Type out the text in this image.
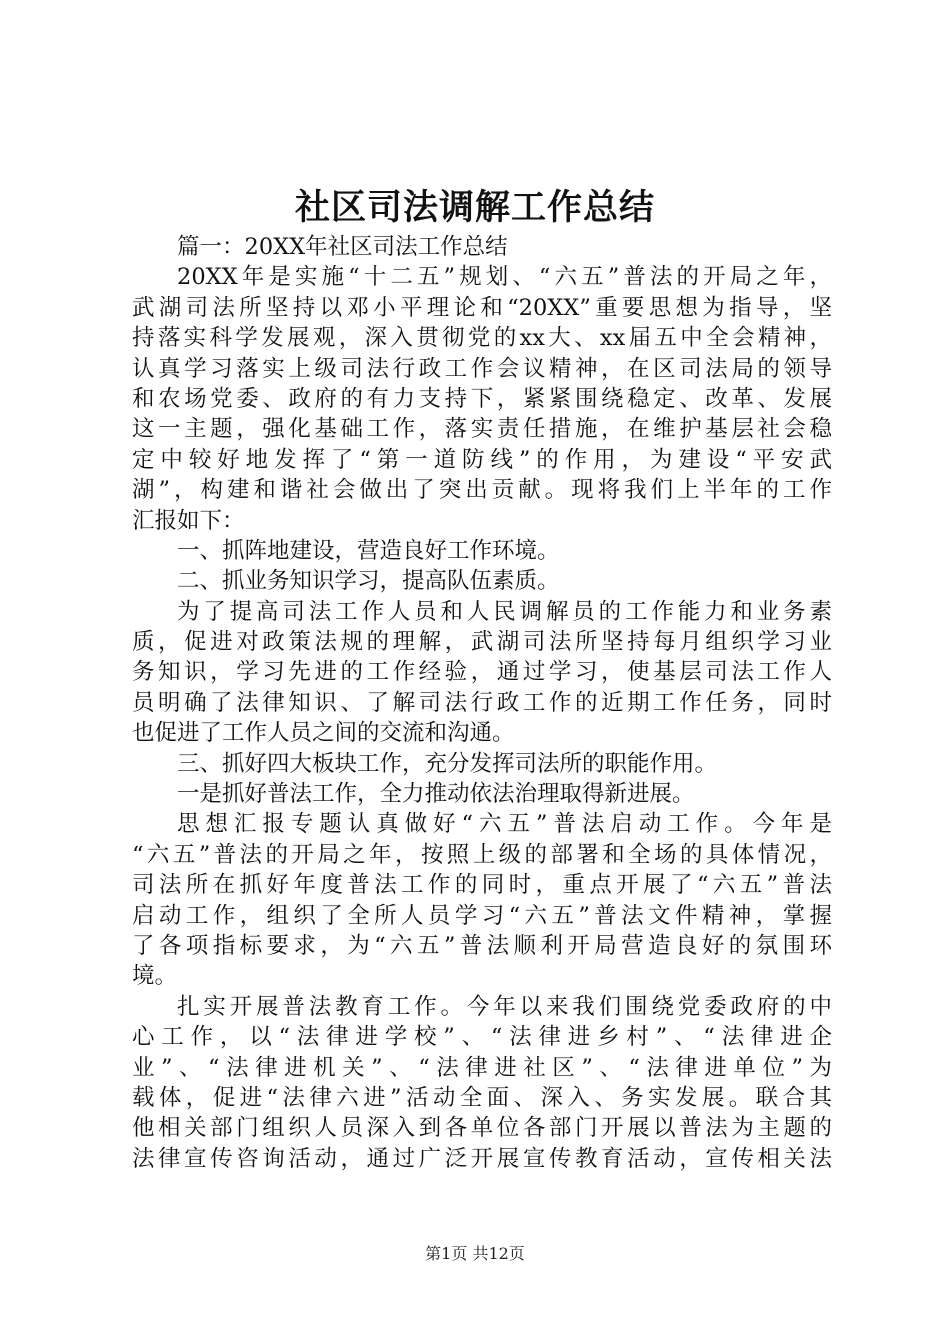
社区司法调解工作总结
篇一：20XX年社区司法工作总结
20XX年是实施“十二五”规划、“六五”普法的开局之年，
武湖司法所坚持以邓小平理论和“20XX”重要思想为指导，坚
持落实科学发展观，深入贯彻党的xx大、xx届五中全会精神，
认真学习落实上级司法行政工作会议精神，在区司法局的领导
和农场党委、政府的有力支持下，紧紧围绕稳定、改革、发展
这一主题，强化基础工作，落实责任措施，在维护基层社会稳
定中较好地发挥了“第一道防线”的作用，为建设“平安武
湖”，构建和谐社会做出了突出贡献。现将我们上半年的工作
汇报如下：
一、抓阵地建设，营造良好工作环境。
二、抓业务知识学习，提高队伍素质。
为了提高司法工作人员和人民调解员的工作能力和业务素
质，促进对政策法规的理解，武湖司法所坚持每月组织学习业
务知识，学习先进的工作经验，通过学习，使基层司法工作人
员明确了法律知识、了解司法行政工作的近期工作任务，同时
也促进了工作人员之间的交流和沟通。
三、抓好四大板块工作，充分发挥司法所的职能作用。
一是抓好普法工作，全力推动依法治理取得新进展。
思想汇报专题认真做好“六五”普法启动工作。今年是
“六五”普法的开局之年，按照上级的部署和全场的具体情况，
司法所在抓好年度普法工作的同时，重点开展了“六五”普法
启动工作，组织了全所人员学习“六五”普法文件精神，掌握
了各项指标要求，为“六五”普法顺利开局营造良好的氛围环
境。
扎实开展普法教育工作。今年以来我们围绕党委政府的中
心工作，以“法律进学校”、“法律进乡村”、“法律进企
业”、“法律进机关”、“法律进社区”、“法律进单位”为
载体，促进“法律六进”活动全面、深入、务实发展。联合其
他相关部门组织人员深入到各单位各部门开展以普法为主题的
法律宣传咨询活动，通过广泛开展宣传教育活动，宣传相关法
第1页 共12页
